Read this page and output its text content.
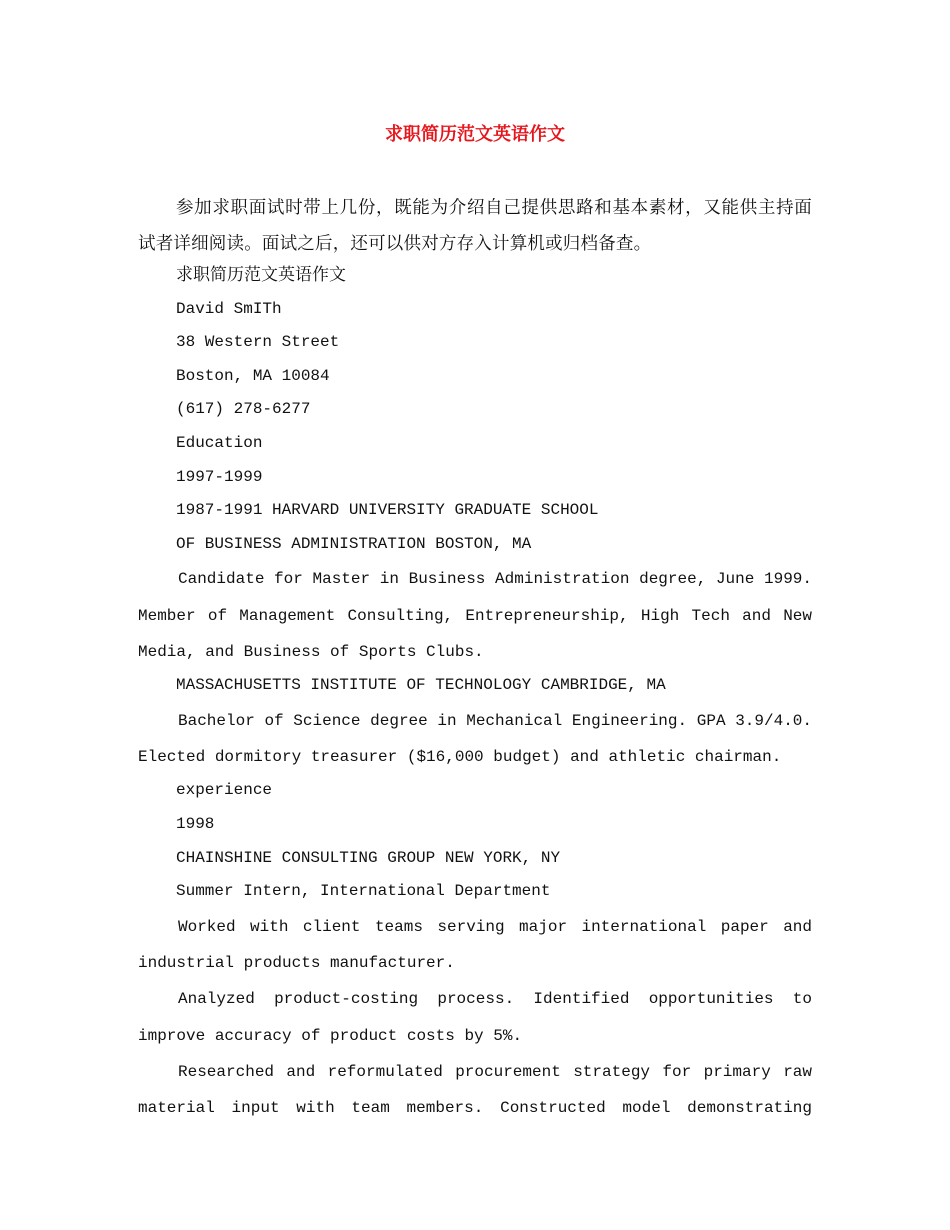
求职简历范文英语作文

参加求职面试时带上几份，既能为介绍自己提供思路和基本素材，又能供主持面试者详细阅读。面试之后，还可以供对方存入计算机或归档备查。

求职简历范文英语作文
David SmITh
38 Western Street
Boston, MA 10084
(617) 278-6277
Education
1997-1999
1987-1991 HARVARD UNIVERSITY GRADUATE SCHOOL
OF BUSINESS ADMINISTRATION BOSTON, MA

Candidate for Master in Business Administration degree, June 1999. Member of Management Consulting, Entrepreneurship, High Tech and New Media, and Business of Sports Clubs.

MASSACHUSETTS INSTITUTE OF TECHNOLOGY CAMBRIDGE, MA

Bachelor of Science degree in Mechanical Engineering. GPA 3.9/4.0. Elected dormitory treasurer ($16,000 budget) and athletic chairman.

experience
1998
CHAINSHINE CONSULTING GROUP NEW YORK, NY
Summer Intern, International Department

Worked with client teams serving major international paper and industrial products manufacturer.

Analyzed product-costing process. Identified opportunities to improve accuracy of product costs by 5%.

Researched and reformulated procurement strategy for primary raw material input with team members. Constructed model demonstrating
